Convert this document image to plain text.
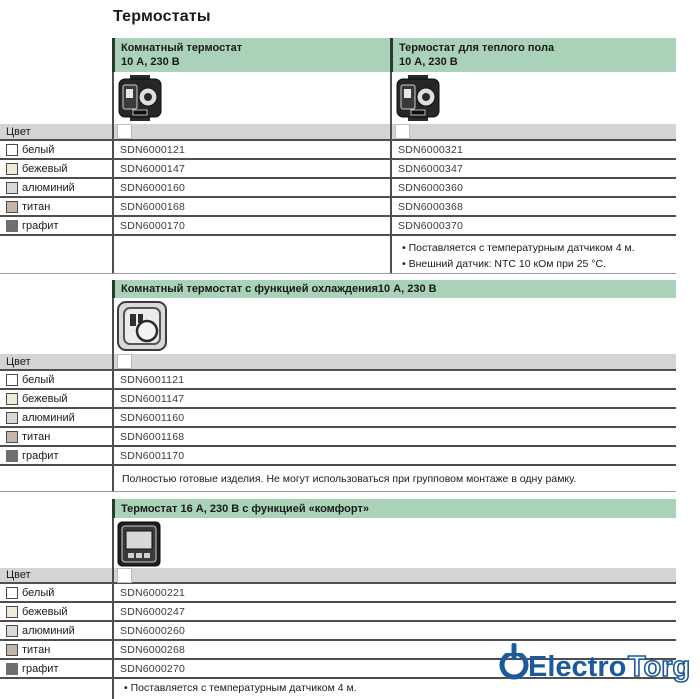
Термостаты
Комнатный термостат
10 А, 230 В
Термостат для теплого пола
10 А, 230 В
Цвет
белый	SDN6000121	SDN6000321
бежевый	SDN6000147	SDN6000347
алюминий	SDN6000160	SDN6000360
титан	SDN6000168	SDN6000368
графит	SDN6000170	SDN6000370
• Поставляется с температурным датчиком 4 м.
• Внешний датчик: NTC 10 кОм при 25 °C.
Комнатный термостат с функцией охлаждения10 А, 230 В
Цвет
белый	SDN6001121
бежевый	SDN6001147
алюминий	SDN6001160
титан	SDN6001168
графит	SDN6001170
Полностью готовые изделия. Не могут использоваться при групповом монтаже в одну рамку.
Термостат 16 А, 230 В с функцией «комфорт»
Цвет
белый	SDN6000221
бежевый	SDN6000247
алюминий	SDN6000260
титан	SDN6000268
графит	SDN6000270
• Поставляется с температурным датчиком 4 м.
Electro Torg
